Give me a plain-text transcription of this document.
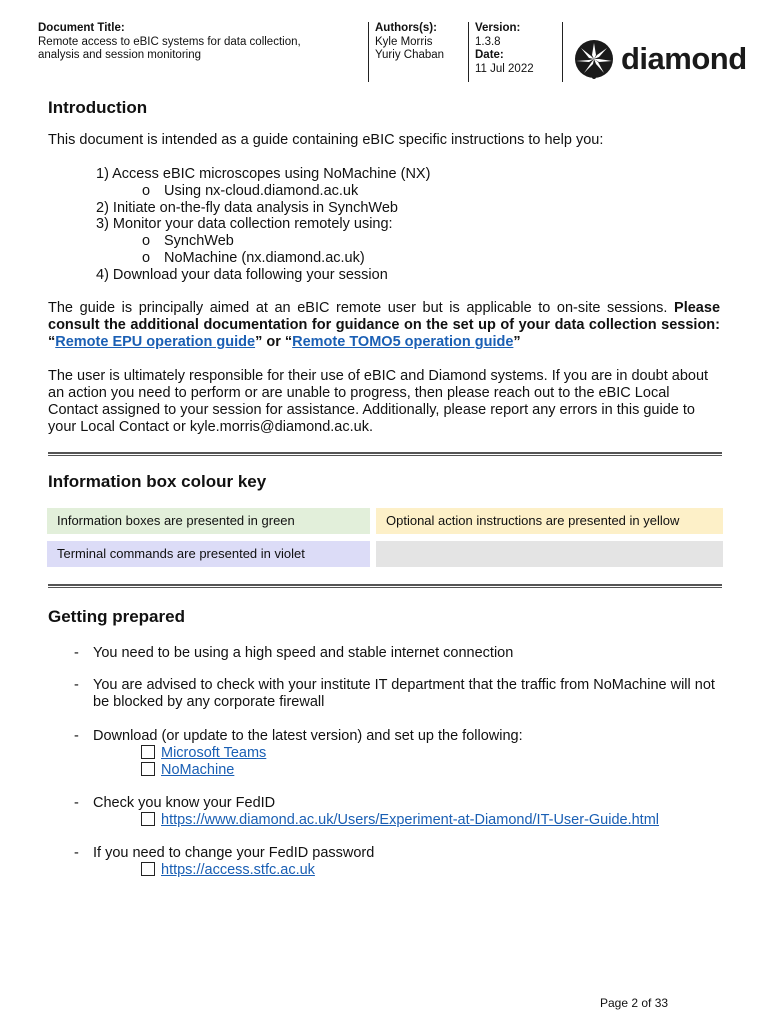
Document Title:
Remote access to eBIC systems for data collection,
analysis and session monitoring
Authors(s):
Kyle Morris
Yuriy Chaban
Version:
1.3.8
Date:
11 Jul 2022	diamond
Introduction

This document is intended as a guide containing eBIC specific instructions to help you:

1) Access eBIC microscopes using NoMachine (NX)
o Using nx-cloud.diamond.ac.uk
2) Initiate on-the-fly data analysis in SynchWeb
3) Monitor your data collection remotely using:
o SynchWeb
o NoMachine (nx.diamond.ac.uk)
4) Download your data following your session

The guide is principally aimed at an eBIC remote user but is applicable to on-site sessions. Please consult the additional documentation for guidance on the set up of your data collection session: “Remote EPU operation guide” or “Remote TOMO5 operation guide”

The user is ultimately responsible for their use of eBIC and Diamond systems. If you are in doubt about an action you need to perform or are unable to progress, then please reach out to the eBIC Local Contact assigned to your session for assistance. Additionally, please report any errors in this guide to your Local Contact or kyle.morris@diamond.ac.uk.

Information box colour key
Information boxes are presented in green	Optional action instructions are presented in yellow
Terminal commands are presented in violet
Getting prepared
- You need to be using a high speed and stable internet connection
- You are advised to check with your institute IT department that the traffic from NoMachine will not be blocked by any corporate firewall
- Download (or update to the latest version) and set up the following:
Microsoft Teams
NoMachine
- Check you know your FedID
https://www.diamond.ac.uk/Users/Experiment-at-Diamond/IT-User-Guide.html
- If you need to change your FedID password
https://access.stfc.ac.uk
Page 2 of 33
